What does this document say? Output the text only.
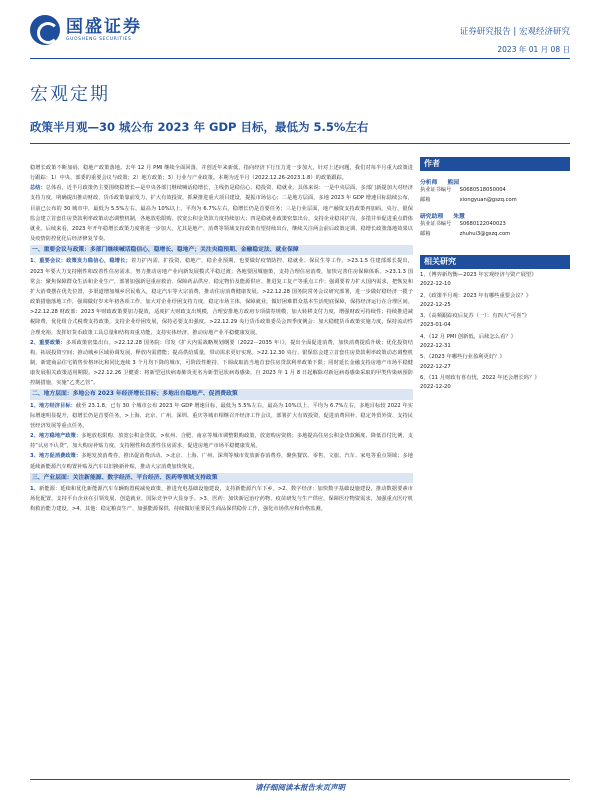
国盛证券
GUOSHENG SECURITIES
证券研究报告 | 宏观经济研究
2023 年 01 月 08 日
宏观定期
政策半月观—30 城公布 2023 年 GDP 目标，最低为 5.5%左右
稳增长政策不断加码，稳地产政策落地。去年 12 月 PMI 继续全面回落，并创近年来新低，指向经济下行压力进一步加大，针对上述问题，我们对每半月重大政策进行跟踪：1）中央、部委的重要会议与政策；2）地方政策；3）行业与产业政策。本期为近半月（2022.12.26-2023.1.8）的政策跟踪。
总结：总体看，近半月政策仍主要围绕稳增长—是中央各部门继续喊话稳增长，主线仍是稳信心、稳投资、稳就业。具体来说：一是中央层面，多部门新提加大对经济支持力度，明确提出推动财政、货币政策靠前发力，扩大有效投资，抓紧推进重大项目建设，提振市场信心；二是地方层面，多地 2023 年 GDP 增速目标陆续公布，目前已公布的 30 城市中，最低为 5.5%左右、最高为 10%以上、平均为 6.7%左右，稳增长仍是首要任务；三是行业层面，地产融资支持政策再加码，央行、银保监会建立首套住房贷款利率政策动态调整机制，各地放松限购、放宽公积金贷款力度持续加大；四是稳就业政策密集出台，支持企业稳岗扩岗，多措并举促进重点群体就业。后续来看，2023 年开年稳增长政策力度将进一步加大，尤其是地产、消费等领域支持政策有望持续出台，继续关注两会前后政策定调、稳增长政策落地效果以及疫情防控优化后经济修复节奏。
一、重要会议与政策：多部门继续喊话稳信心，稳增长、稳地产；关注央稳预期、金融稳定法、就业保障
1、重要会议：政策发力稳信心，稳增长；着力扩内需，扩投资，稳地产，稳企业预期，也要做好疫情防控、稳就业、保民生等工作。>23.1.5 住建部部长提出，2023 年要大力支持刚性和改善性住房需求，努力推动房地产业向新发展模式平稳过渡；各地要因城施策，支持合理住房消费，加快完善住房保障体系。>23.1.3 国常会：聚焦保障群众生活和企业生产，部署加强新冠重症救治、保障药品供应、稳定物价及能源供应、推进复工复产等重点工作；强调要着力扩大国内需求，把恢复和扩大消费摆在优先位置，多渠道增加城乡居民收入，稳定汽车等大宗消费，推动住房消费健康发展。>22.12.28 国务院常务会议研究部署，进一步做好稳经济一揽子政策措施落地工作，强调做好岁末年初各项工作，加大对企业纾困支持力度，稳定市场主体，保障就业，做好困难群众基本生活兜底保障，保持经济运行在合理区间。>22.12.28 财政部：2023 年财政政策要加力提效，适度扩大财政支出规模，合理安排地方政府专项债券规模，加大转移支付力度，增强财政可持续性；持续推进减税降费，优化组合式税费支持政策，支持企业纾困发展，保持必要支出强度。>22.12.29 央行货币政策委员会四季度例会：加大稳健货币政策实施力度，保持流动性合理充裕，发挥好货币政策工具总量和结构双重功能，支持实体经济，推动房地产业平稳健康发展。
2、重要政策：多项政策密集出台。>22.12.28 国务院：印发《扩大内需战略规划纲要（2022－2035 年）》，提出全面促进消费，加快消费提质升级；优化投资结构，拓展投资空间；推动城乡区域协调发展，释放内需潜能；提高供给质量，带动需求更好实现。>22.12.30 央行、银保监会建立首套住房贷款利率政策动态调整机制，新建商品住宅销售价格环比和同比连续 3 个月均下降的城市，可阶段性维持、下调或取消当地首套住房贷款利率政策下限；同时延长金融支持房地产市场平稳健康发展相关政策适用期限。>22.12.26 卫健委：将新型冠状病毒肺炎更名为新型冠状病毒感染，自 2023 年 1 月 8 日起解除对新冠病毒感染采取的甲类传染病预防控制措施，实施“乙类乙管”。
二、地方层面：多地公布 2023 年经济增长目标；多地出台稳地产、促消费政策
1、地方经济目标：截至 23.1.8，已有 30 个城市公布 2023 年 GDP 增速目标，最低为 5.5%左右，最高为 10%以上，平均为 6.7%左右，多地目标较 2022 年实际增速明显提升，稳增长仍是首要任务。>上海、北京、广州、深圳、重庆等城市相继召开经济工作会议，部署扩大有效投资、促进消费回补、稳定外贸外资、支持民营经济发展等重点任务。
2、地方稳地产政策：多地放松限购、放宽公积金贷款。>杭州、合肥、南京等城市调整限购政策，放宽购房资格；多地提高住房公积金贷款额度、降低首付比例、支持“认房不认贷”，加大购房补贴力度，支持刚性和改善性住房需求，促进房地产市场平稳健康发展。
3、地方促消费政策：多地发放消费券，推出促消费活动。>北京、上海、广州、深圳等城市发放新春消费券，聚焦餐饮、零售、文旅、汽车、家电等重点领域；多地延续新能源汽车购置补贴及汽车以旧换新补贴，推动大宗消费加快恢复。
三、产业层面：关注新能源、数字经济、平台经济、医药等领域支持政策
1、新能源：延续和优化新能源汽车车辆购置税减免政策，推进充电基础设施建设，支持新能源汽车下乡。>2、数字经济：加快数字基础设施建设，推动数据要素市场化配置，支持平台企业在引领发展、创造就业、国际竞争中大显身手。>3、医药：加快新冠治疗药物、疫苗研发与生产供应，保障医疗物资需求，加强重点医疗机构救治能力建设。>4、其他：稳定粮食生产、加强能源保供，持续做好重要民生商品保供稳价工作，强化市场供应和价格监测。
作者
分析师 熊园
执业证书编号 S0680518050004
邮箱	xiongyuan@gszq.com
研究助理 朱慧
执业证书编号 S0680122040023
邮箱	zhuhui3@gszq.com
相关研究
1、《博弈新均衡—2023 年宏观经济与资产展望》
2022-12-10
2、《政策半月观：2023 年有哪些重要会议？》
2022-12-25
3、《高频跟踪疫后复苏（一）：有四大“可喜”》
2023-01-04
4、《12 月 PMI 创新低，后续怎么看？》
2022-12-31
5、《2023 年哪些行业盈利更好？》
2022-12-27
6、《11 月财政有喜有忧，2022 年还会增长吗？》
2022-12-20
请仔细阅读本报告末页声明
